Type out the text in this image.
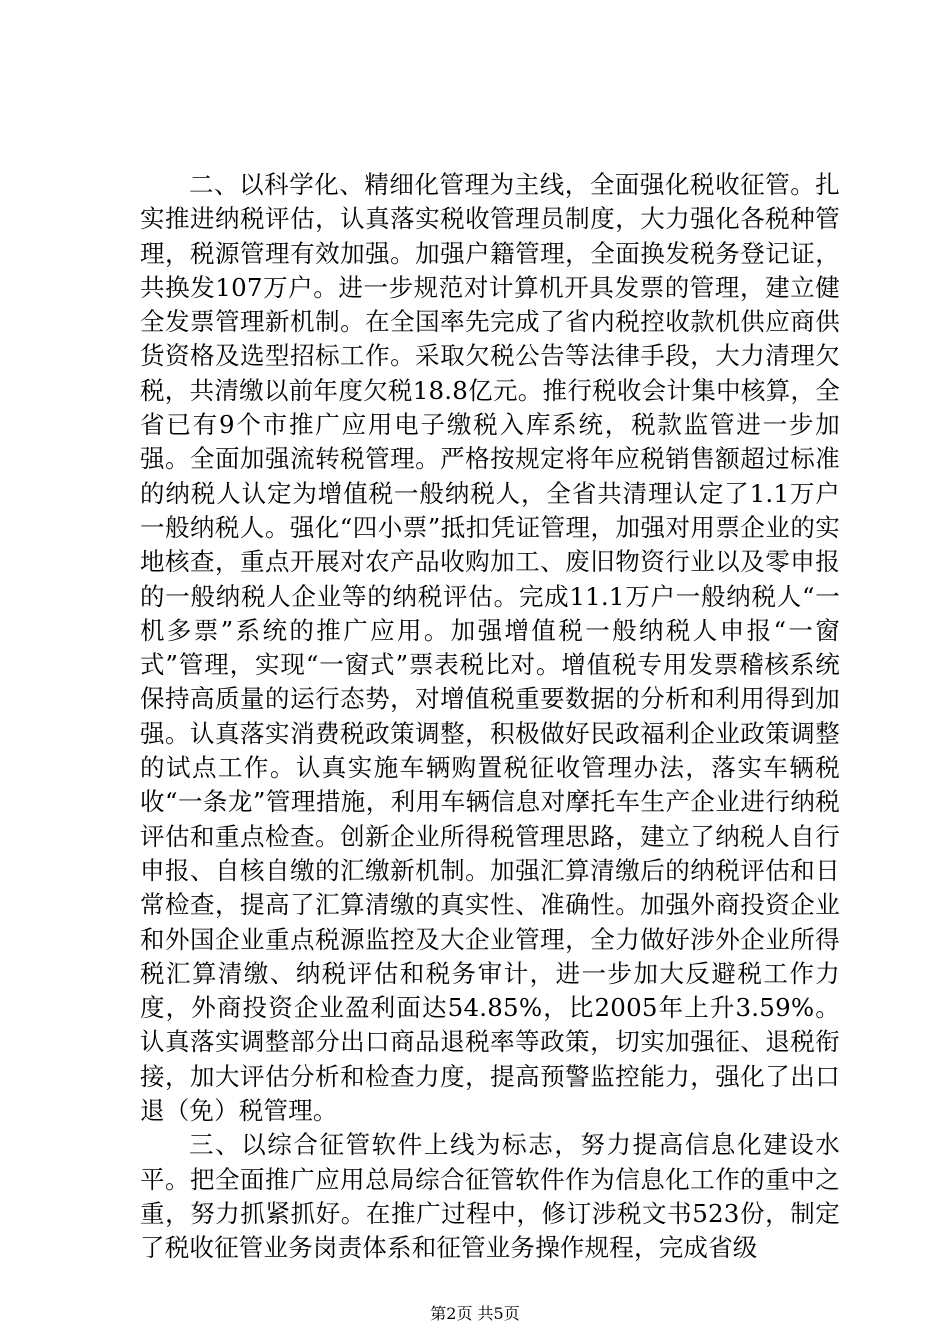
二、以科学化、精细化管理为主线，全面强化税收征管。扎实推进纳税评估，认真落实税收管理员制度，大力强化各税种管理，税源管理有效加强。加强户籍管理，全面换发税务登记证，共换发107万户。进一步规范对计算机开具发票的管理，建立健全发票管理新机制。在全国率先完成了省内税控收款机供应商供货资格及选型招标工作。采取欠税公告等法律手段，大力清理欠税，共清缴以前年度欠税18.8亿元。推行税收会计集中核算，全省已有9个市推广应用电子缴税入库系统，税款监管进一步加强。全面加强流转税管理。严格按规定将年应税销售额超过标准的纳税人认定为增值税一般纳税人，全省共清理认定了1.1万户一般纳税人。强化“四小票”抵扣凭证管理，加强对用票企业的实地核查，重点开展对农产品收购加工、废旧物资行业以及零申报的一般纳税人企业等的纳税评估。完成11.1万户一般纳税人“一机多票”系统的推广应用。加强增值税一般纳税人申报“一窗式”管理，实现“一窗式”票表税比对。增值税专用发票稽核系统保持高质量的运行态势，对增值税重要数据的分析和利用得到加强。认真落实消费税政策调整，积极做好民政福利企业政策调整的试点工作。认真实施车辆购置税征收管理办法，落实车辆税收“一条龙”管理措施，利用车辆信息对摩托车生产企业进行纳税评估和重点检查。创新企业所得税管理思路，建立了纳税人自行申报、自核自缴的汇缴新机制。加强汇算清缴后的纳税评估和日常检查，提高了汇算清缴的真实性、准确性。加强外商投资企业和外国企业重点税源监控及大企业管理，全力做好涉外企业所得税汇算清缴、纳税评估和税务审计，进一步加大反避税工作力度，外商投资企业盈利面达54.85%，比2005年上升3.59%。认真落实调整部分出口商品退税率等政策，切实加强征、退税衔接，加大评估分析和检查力度，提高预警监控能力，强化了出口退（免）税管理。

三、以综合征管软件上线为标志，努力提高信息化建设水平。把全面推广应用总局综合征管软件作为信息化工作的重中之重，努力抓紧抓好。在推广过程中，修订涉税文书523份，制定了税收征管业务岗责体系和征管业务操作规程，完成省级

第2页 共5页
